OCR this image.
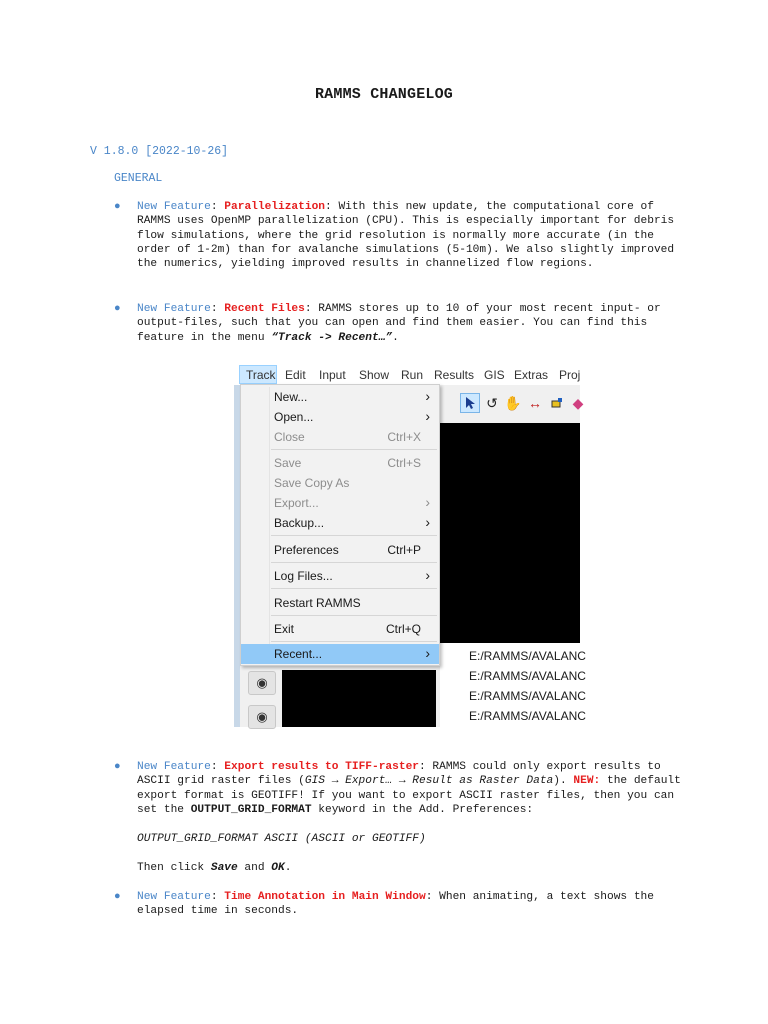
RAMMS CHANGELOG
V 1.8.0 [2022-10-26]
GENERAL
● New Feature: Parallelization: With this new update, the computational core of RAMMS uses OpenMP parallelization (CPU). This is especially important for debris flow simulations, where the grid resolution is normally more accurate (in the order of 1-2m) than for avalanche simulations (5-10m). We also slightly improved the numerics, yielding improved results in channelized flow regions.
● New Feature: Recent Files: RAMMS stores up to 10 of your most recent input- or output-files, such that you can open and find them easier. You can find this feature in the menu “Track -> Recent…”.
Track Edit Input Show Run Results GIS Extras Proj
↺ ✋ ↔	◆
◉
◉
E:/RAMMS/AVALANC
E:/RAMMS/AVALANC
E:/RAMMS/AVALANC
E:/RAMMS/AVALANC
New...	›
Open...	›
Close	Ctrl+X
Save	Ctrl+S
Save Copy As
Export...	›
Backup...	›
Preferences	Ctrl+P
Log Files...	›
Restart RAMMS
Exit	Ctrl+Q
Recent...	›
● New Feature: Export results to TIFF-raster: RAMMS could only export results to ASCII grid raster files (GIS → Export… → Result as Raster Data). NEW: the default export format is GEOTIFF! If you want to export ASCII raster files, then you can set the OUTPUT_GRID_FORMAT keyword in the Add. Preferences:
OUTPUT_GRID_FORMAT ASCII (ASCII or GEOTIFF)
Then click Save and OK.
● New Feature: Time Annotation in Main Window: When animating, a text shows the elapsed time in seconds.
